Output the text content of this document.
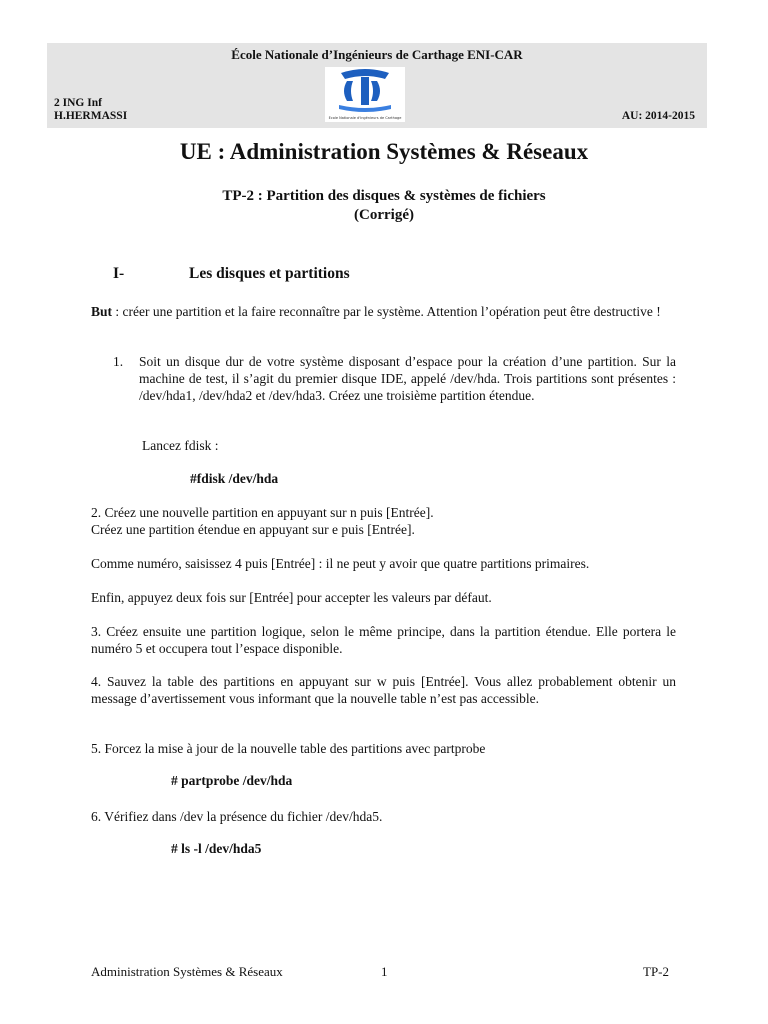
École Nationale d’Ingénieurs de Carthage ENI-CAR
2 ING Inf
H.HERMASSI	AU: 2014-2015
Ecole Nationale d'Ingénieurs de Carthage
UE : Administration Systèmes & Réseaux
TP-2 : Partition des disques & systèmes de fichiers
(Corrigé)
I-	Les disques et partitions
But : créer une partition et la faire reconnaître par le système. Attention l’opération peut être destructive !
1.	Soit un disque dur de votre système disposant d’espace pour la création d’une partition. Sur la machine de test, il s’agit du premier disque IDE, appelé /dev/hda. Trois partitions sont présentes : /dev/hda1, /dev/hda2 et /dev/hda3. Créez une troisième partition étendue.
Lancez fdisk :
#fdisk /dev/hda
2. Créez une nouvelle partition en appuyant sur n puis [Entrée].
Créez une partition étendue en appuyant sur e puis [Entrée].
Comme numéro, saisissez 4 puis [Entrée] : il ne peut y avoir que quatre partitions primaires.
Enfin, appuyez deux fois sur [Entrée] pour accepter les valeurs par défaut.
3. Créez ensuite une partition logique, selon le même principe, dans la partition étendue. Elle portera le numéro 5 et occupera tout l’espace disponible.
4. Sauvez la table des partitions en appuyant sur w puis [Entrée]. Vous allez probablement obtenir un message d’avertissement vous informant que la nouvelle table n’est pas accessible.
5. Forcez la mise à jour de la nouvelle table des partitions avec partprobe
# partprobe /dev/hda
6. Vérifiez dans /dev la présence du fichier /dev/hda5.
# ls -l /dev/hda5
Administration Systèmes & Réseaux	1	TP-2
